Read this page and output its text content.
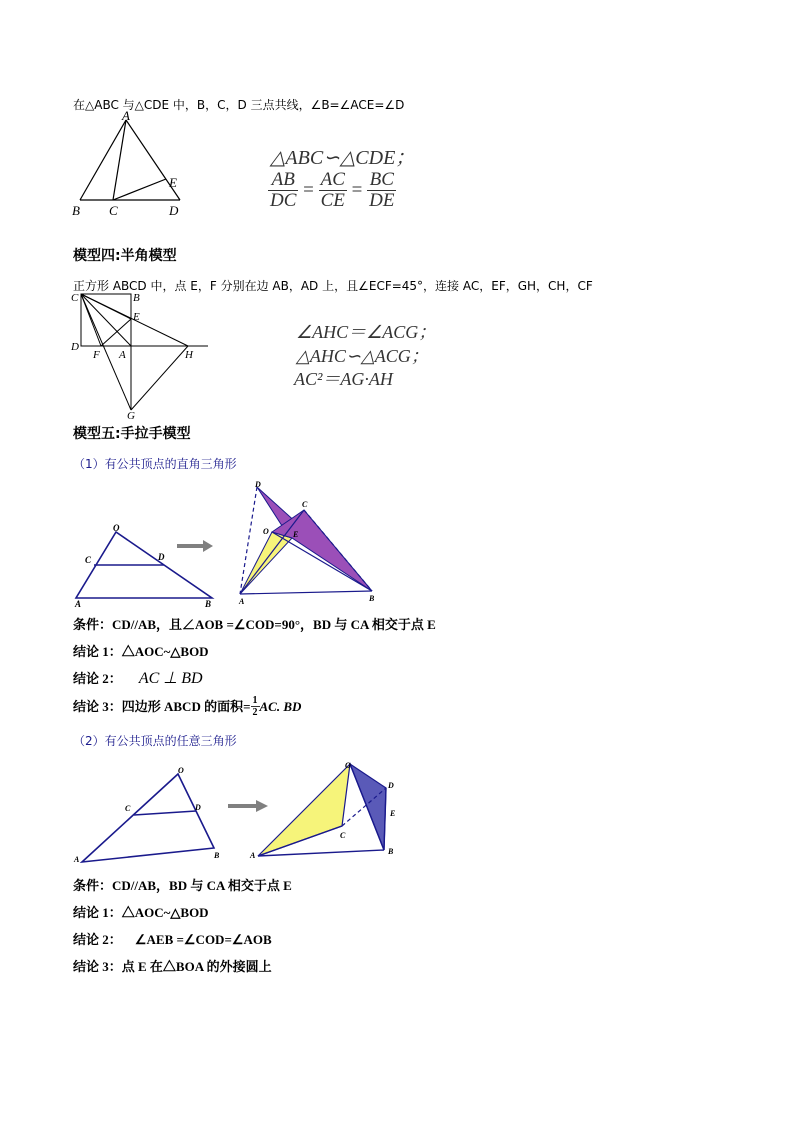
在△ABC 与△CDE 中，B，C，D 三点共线，∠B=∠ACE=∠D
A
B C	D
E
△ABC∽△CDE；
$\frac{AB}{DC} = \frac{AC}{CE} = \frac{BC}{DE}$
模型四:半角模型
正方形 ABCD 中，点 E，F 分别在边 AB，AD 上，且∠ECF=45°，连接 AC，EF，GH，CH，CF
C	B
E
D
F A	H
G
∠AHC＝∠ACG；
△AHC∽△ACG；
AC²＝AG·AH
模型五:手拉手模型
（1）有公共顶点的直角三角形
O
C	D
A	B
D
C
O	E
A	B
条件：CD//AB，且∠AOB =∠COD=90°，BD 与 CA 相交于点 E
结论 1：△AOC~△BOD
结论 2： AC ⊥ BD
结论 3：四边形 ABCD 的面积= $\frac{1}{2}$ AC. BD
（2）有公共顶点的任意三角形
O
C	D
A	B
O
D
E
C
A	B
条件：CD//AB，BD 与 CA 相交于点 E
结论 1：△AOC~△BOD
结论 2： ∠AEB =∠COD=∠AOB
结论 3：点 E 在△BOA 的外接圆上
